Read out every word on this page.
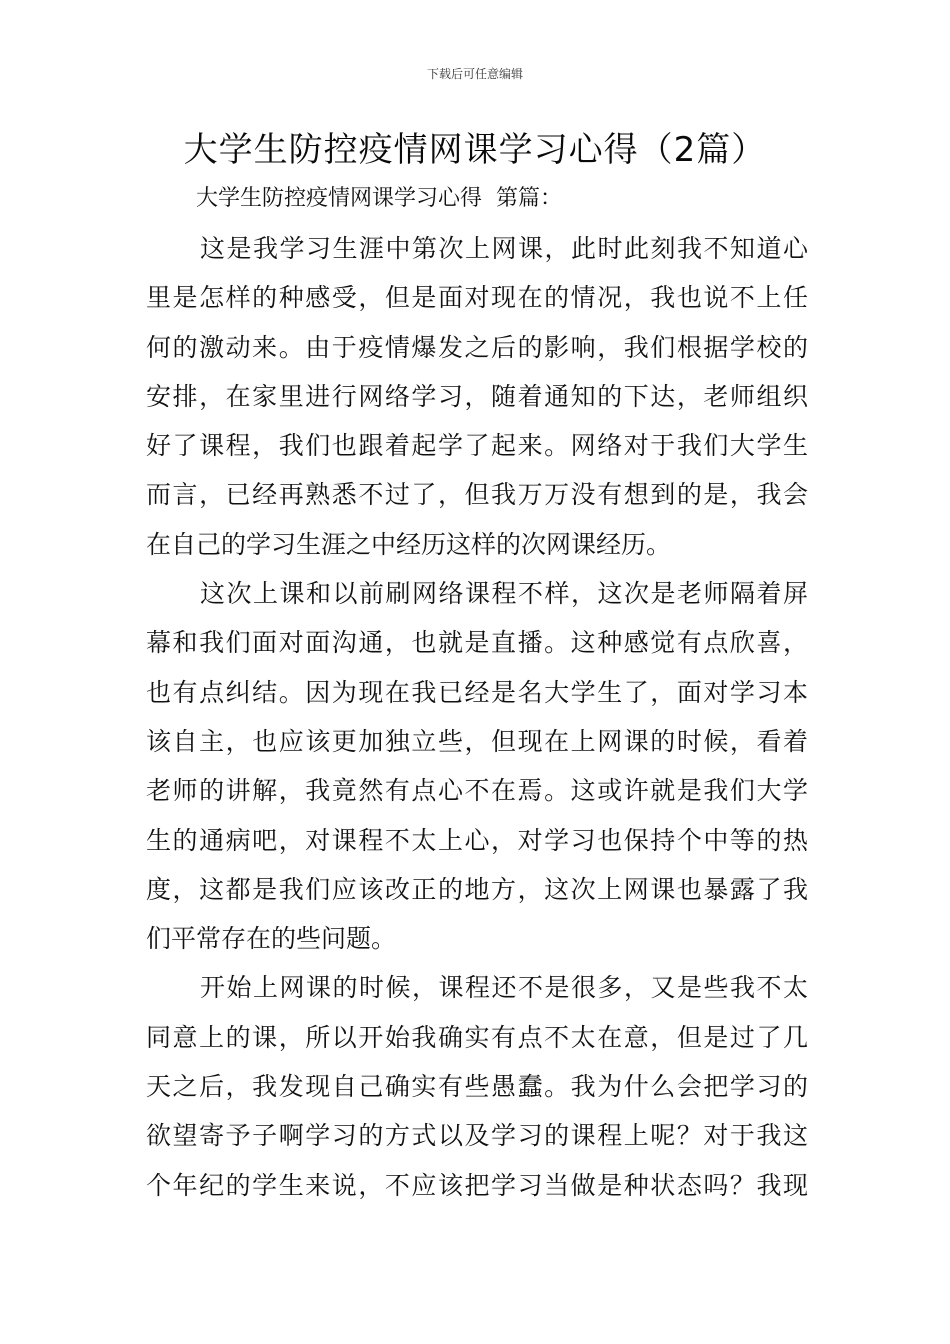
下载后可任意编辑
大学生防控疫情网课学习心得（2篇）
大学生防控疫情网课学习心得  第篇：
这是我学习生涯中第次上网课，此时此刻我不知道心
里是怎样的种感受，但是面对现在的情况，我也说不上任
何的激动来。由于疫情爆发之后的影响，我们根据学校的
安排，在家里进行网络学习，随着通知的下达，老师组织
好了课程，我们也跟着起学了起来。网络对于我们大学生
而言，已经再熟悉不过了，但我万万没有想到的是，我会
在自己的学习生涯之中经历这样的次网课经历。
这次上课和以前刷网络课程不样，这次是老师隔着屏
幕和我们面对面沟通，也就是直播。这种感觉有点欣喜，
也有点纠结。因为现在我已经是名大学生了，面对学习本
该自主，也应该更加独立些，但现在上网课的时候，看着
老师的讲解，我竟然有点心不在焉。这或许就是我们大学
生的通病吧，对课程不太上心，对学习也保持个中等的热
度，这都是我们应该改正的地方，这次上网课也暴露了我
们平常存在的些问题。
开始上网课的时候，课程还不是很多，又是些我不太
同意上的课，所以开始我确实有点不太在意，但是过了几
天之后，我发现自己确实有些愚蠢。我为什么会把学习的
欲望寄予子啊学习的方式以及学习的课程上呢？对于我这
个年纪的学生来说，不应该把学习当做是种状态吗？我现
